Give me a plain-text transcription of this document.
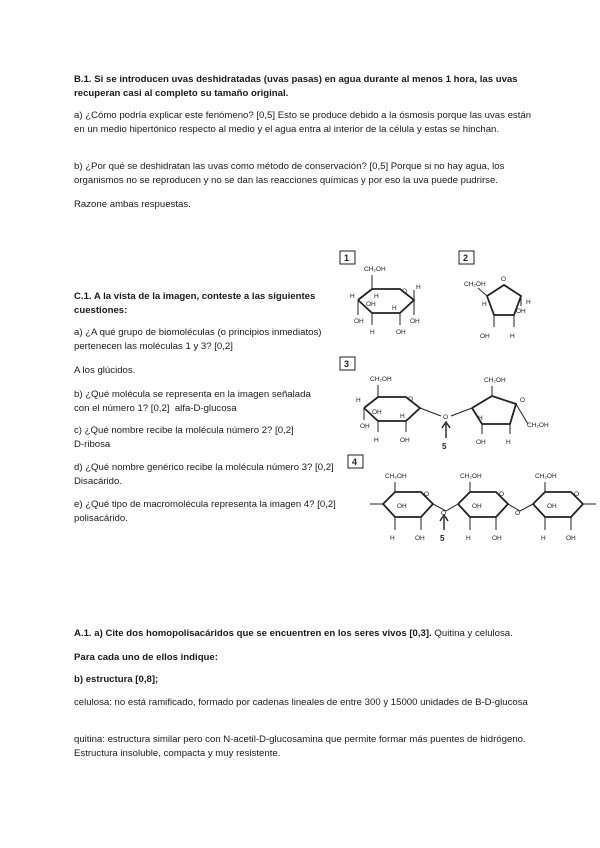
B.1. Si se introducen uvas deshidratadas (uvas pasas) en agua durante al menos 1 hora, las uvas recuperan casi al completo su tamaño original.

a) ¿Cómo podría explicar este fenómeno? [0,5] Esto se produce debido a la ósmosis porque las uvas están en un medio hipertónico respecto al medio y el agua entra al interior de la célula y estas se hinchan.

b) ¿Por qué se deshidratan las uvas como método de conservación? [0,5] Porque si no hay agua, los organismos no se reproducen y no se dan las reacciones químicas y por eso la uva puede pudrirse.

Razone ambas respuestas.

C.1. A la vista de la imagen, conteste a las siguientes cuestiones:

a) ¿A qué grupo de biomoléculas (o principios inmediatos) pertenecen las moléculas 1 y 3? [0,2]

A los glúcidos.

b) ¿Qué molécula se representa en la imagen señalada con el número 1? [0,2] alfa-D-glucosa

c) ¿Qué nombre recibe la molécula número 2? [0,2]
D-ribosa

d) ¿Qué nombre genérico recibe la molécula número 3? [0,2] Disacárido.

e) ¿Qué tipo de macromolécula representa la imagen 4? [0,2] polisacárido.

1	2
3
4
CH₂OH
O
H	H
H
OH
H
OH	OH
H	OH
CH₂OH
O
H
H
OH
OH	H
CH₂OH
O
H
OH
OH
H
H	OH
O
CH₂OH
O
CH₂OH
H
OH	H
5
CH₂OH	CH₂OH	CH₂OH
O	O	O
O	O
OH	OH	OH
H	OH	H	OH	H	OH
5

A.1. a) Cite dos homopolisacáridos que se encuentren en los seres vivos [0,3]. Quitina y celulosa.

Para cada uno de ellos indique:

b) estructura [0,8];

celulosa: no está ramificado, formado por cadenas lineales de entre 300 y 15000 unidades de B-D-glucosa

quitina: estructura similar pero con N-acetil-D-glucosamina que permite formar más puentes de hidrógeno. Estructura insoluble, compacta y muy resistente.
